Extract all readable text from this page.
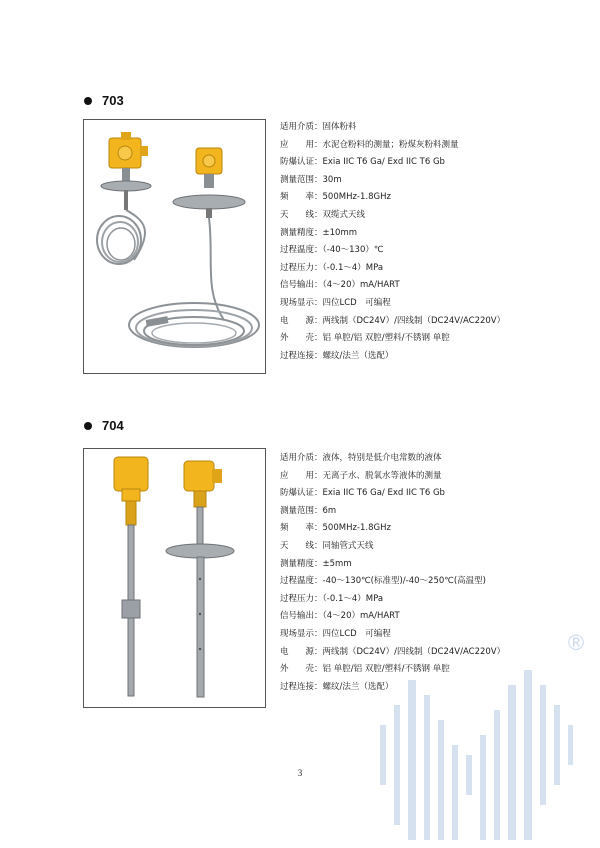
703
适用介质：固体粉料
应　　用：水泥仓粉料的测量；粉煤灰粉料测量
防爆认证：Exia IIC T6 Ga/ Exd IIC T6 Gb
测量范围：30m
频　　率：500MHz-1.8GHz
天　　线：双缆式天线
测量精度：±10mm
过程温度：（-40～130）℃
过程压力：（-0.1～4）MPa
信号输出：（4～20）mA/HART
现场显示：四位LCD　可编程
电　　源：两线制（DC24V）/四线制（DC24V/AC220V）
外　　壳：铝 单腔/铝 双腔/塑料/不锈钢 单腔
过程连接：螺纹/法兰（选配）
704
适用介质：液体，特别是低介电常数的液体
应　　用：无离子水、脱氧水等液体的测量
防爆认证：Exia IIC T6 Ga/ Exd IIC T6 Gb
测量范围：6m
频　　率：500MHz-1.8GHz
天　　线：同轴管式天线
测量精度：±5mm
过程温度：-40～130℃(标准型)/-40～250℃(高温型)
过程压力：（-0.1～4）MPa
信号输出：（4～20）mA/HART
现场显示：四位LCD　可编程
电　　源：两线制（DC24V）/四线制（DC24V/AC220V）
外　　壳：铝 单腔/铝 双腔/塑料/不锈钢 单腔
过程连接：螺纹/法兰（选配）
®
3
